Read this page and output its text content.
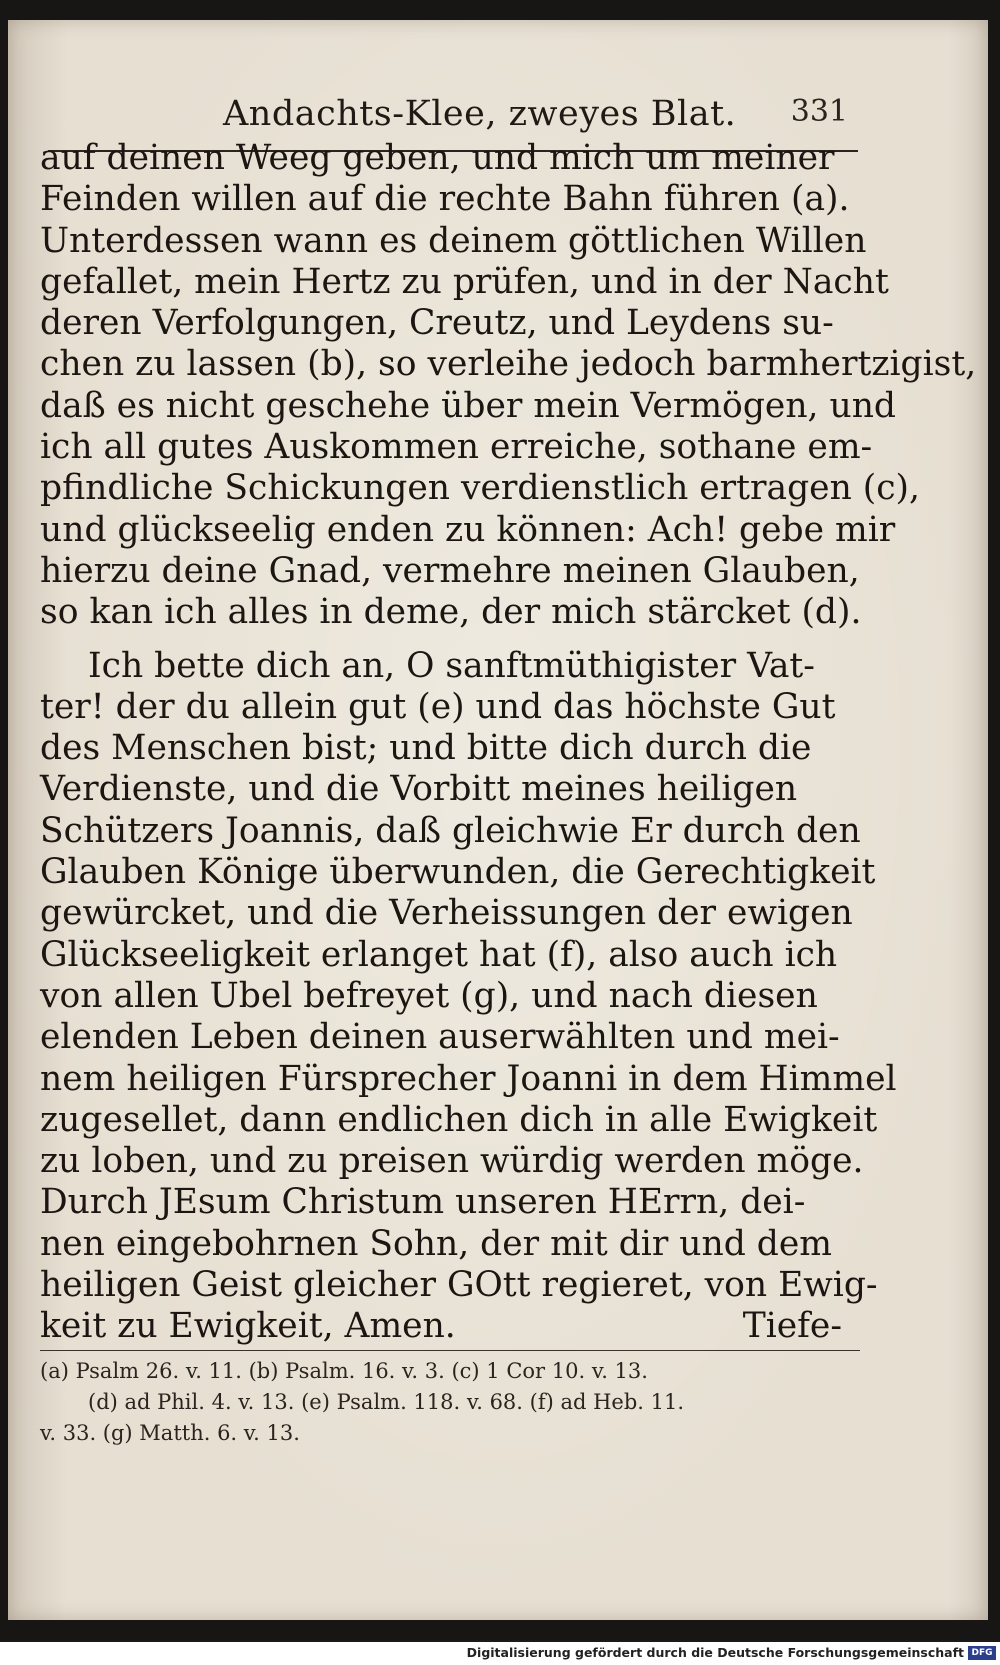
Andachts-Klee, zweyes Blat. 331
auf deinen Weeg geben, und mich um meiner
Feinden willen auf die rechte Bahn führen (a).
Unterdessen wann es deinem göttlichen Willen
gefallet, mein Hertz zu prüfen, und in der Nacht
deren Verfolgungen, Creutz, und Leydens su-
chen zu lassen (b), so verleihe jedoch barmhertzigist,
daß es nicht geschehe über mein Vermögen, und
ich all gutes Auskommen erreiche, sothane em-
pfindliche Schickungen verdienstlich ertragen (c),
und glückseelig enden zu können: Ach! gebe mir
hierzu deine Gnad, vermehre meinen Glauben,
so kan ich alles in deme, der mich stärcket (d).
Ich bette dich an, O sanftmüthigister Vat-
ter! der du allein gut (e) und das höchste Gut
des Menschen bist; und bitte dich durch die
Verdienste, und die Vorbitt meines heiligen
Schützers Joannis, daß gleichwie Er durch den
Glauben Könige überwunden, die Gerechtigkeit
gewürcket, und die Verheissungen der ewigen
Glückseeligkeit erlanget hat (f), also auch ich
von allen Ubel befreyet (g), und nach diesen
elenden Leben deinen auserwählten und mei-
nem heiligen Fürsprecher Joanni in dem Himmel
zugesellet, dann endlichen dich in alle Ewigkeit
zu loben, und zu preisen würdig werden möge.
Durch JEsum Christum unseren HErrn, dei-
nen eingebohrnen Sohn, der mit dir und dem
heiligen Geist gleicher GOtt regieret, von Ewig-
keit zu Ewigkeit, Amen.	Tiefe-
(a) Psalm 26. v. 11. (b) Psalm. 16. v. 3. (c) 1 Cor 10. v. 13.
(d) ad Phil. 4. v. 13. (e) Psalm. 118. v. 68. (f) ad Heb. 11.
v. 33. (g) Matth. 6. v. 13.
Digitalisierung gefördert durch die Deutsche Forschungsgemeinschaft DFG
